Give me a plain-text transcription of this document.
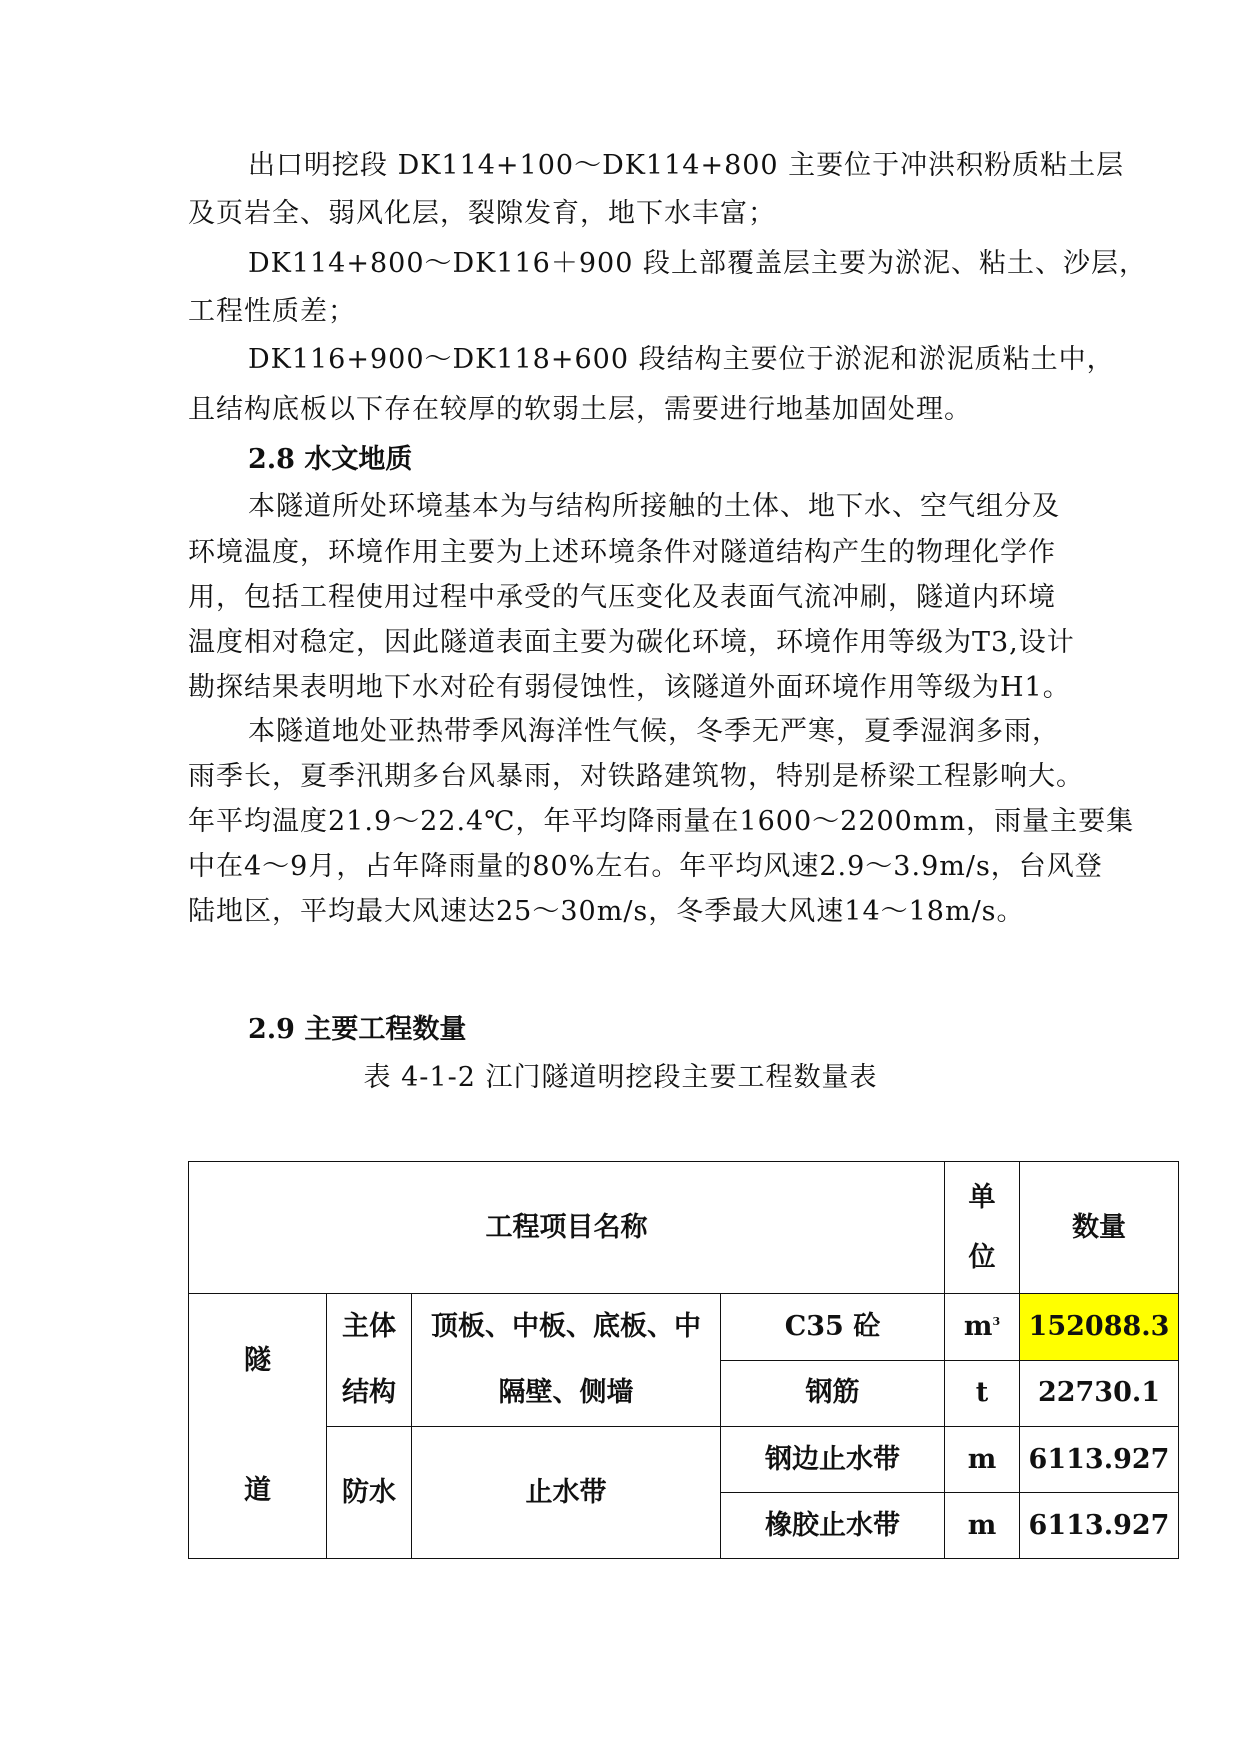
出口明挖段 DK114+100～DK114+800 主要位于冲洪积粉质粘土层
及页岩全、弱风化层，裂隙发育，地下水丰富；
DK114+800～DK116＋900 段上部覆盖层主要为淤泥、粘土、沙层，
工程性质差；
DK116+900～DK118+600 段结构主要位于淤泥和淤泥质粘土中，
且结构底板以下存在较厚的软弱土层，需要进行地基加固处理。
2.8 水文地质
本隧道所处环境基本为与结构所接触的土体、地下水、空气组分及
环境温度，环境作用主要为上述环境条件对隧道结构产生的物理化学作
用，包括工程使用过程中承受的气压变化及表面气流冲刷，隧道内环境
温度相对稳定，因此隧道表面主要为碳化环境，环境作用等级为T3,设计
勘探结果表明地下水对砼有弱侵蚀性，该隧道外面环境作用等级为H1。
本隧道地处亚热带季风海洋性气候，冬季无严寒，夏季湿润多雨，
雨季长，夏季汛期多台风暴雨，对铁路建筑物，特别是桥梁工程影响大。
年平均温度21.9～22.4℃，年平均降雨量在1600～2200mm，雨量主要集
中在4～9月，占年降雨量的80%左右。年平均风速2.9～3.9m/s，台风登
陆地区，平均最大风速达25～30m/s，冬季最大风速14～18m/s。
2.9 主要工程数量
表 4-1-2 江门隧道明挖段主要工程数量表
工程项目名称				单位	数量
隧道	主体结构	顶板、中板、底板、中隔壁、侧墙	C35 砼	$m^3$	152088.3
			钢筋	t	22730.1
	防水	止水带	钢边止水带	m	6113.927
			橡胶止水带	m	6113.927
